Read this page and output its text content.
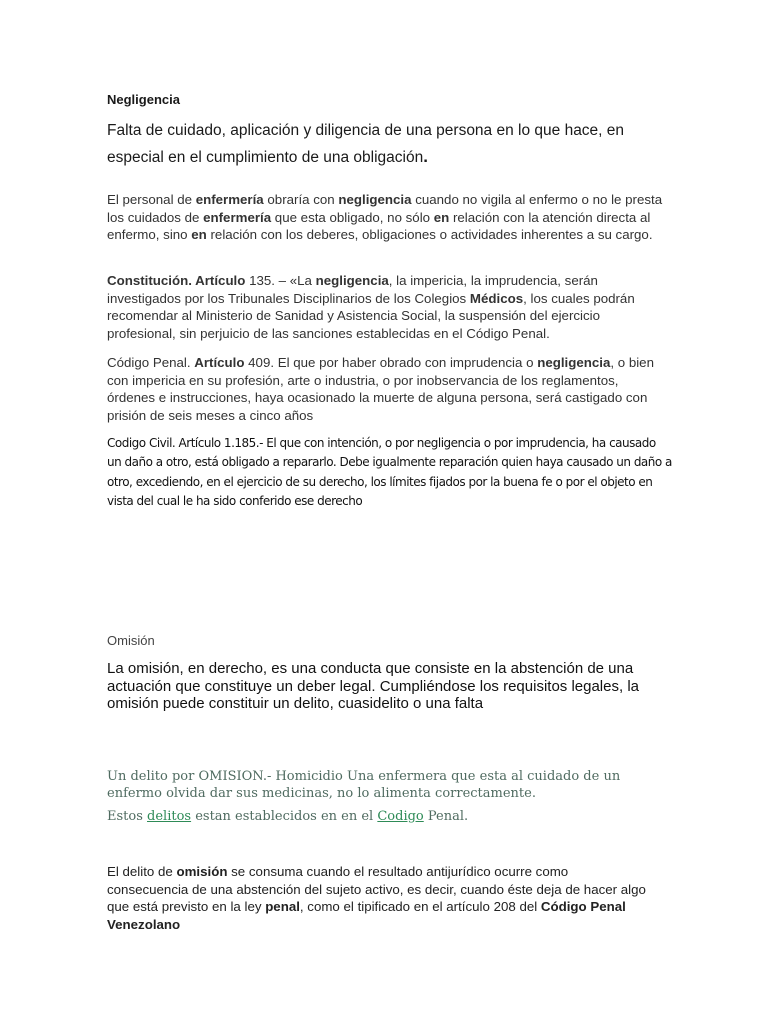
Negligencia

Falta de cuidado, aplicación y diligencia de una persona en lo que hace, en especial en el cumplimiento de una obligación.

El personal de enfermería obraría con negligencia cuando no vigila al enfermo o no le presta los cuidados de enfermería que esta obligado, no sólo en relación con la atención directa al enfermo, sino en relación con los deberes, obligaciones o actividades inherentes a su cargo.

Constitución. Artículo 135. – «La negligencia, la impericia, la imprudencia, serán investigados por los Tribunales Disciplinarios de los Colegios Médicos, los cuales podrán recomendar al Ministerio de Sanidad y Asistencia Social, la suspensión del ejercicio profesional, sin perjuicio de las sanciones establecidas en el Código Penal.

Código Penal. Artículo 409. El que por haber obrado con imprudencia o negligencia, o bien con impericia en su profesión, arte o industria, o por inobservancia de los reglamentos, órdenes e instrucciones, haya ocasionado la muerte de alguna persona, será castigado con prisión de seis meses a cinco años

Codigo Civil. Artículo 1.185.- El que con intención, o por negligencia o por imprudencia, ha causado un daño a otro, está obligado a repararlo. Debe igualmente reparación quien haya causado un daño a otro, excediendo, en el ejercicio de su derecho, los límites fijados por la buena fe o por el objeto en vista del cual le ha sido conferido ese derecho

Omisión

La omisión, en derecho, es una conducta que consiste en la abstención de una actuación que constituye un deber legal. Cumpliéndose los requisitos legales, la omisión puede constituir un delito, cuasidelito o una falta

Un delito por OMISION.- Homicidio Una enfermera que esta al cuidado de un enfermo olvida dar sus medicinas, no lo alimenta correctamente.

Estos delitos estan establecidos en en el Codigo Penal.

El delito de omisión se consuma cuando el resultado antijurídico ocurre como consecuencia de una abstención del sujeto activo, es decir, cuando éste deja de hacer algo que está previsto en la ley penal, como el tipificado en el artículo 208 del Código Penal Venezolano
